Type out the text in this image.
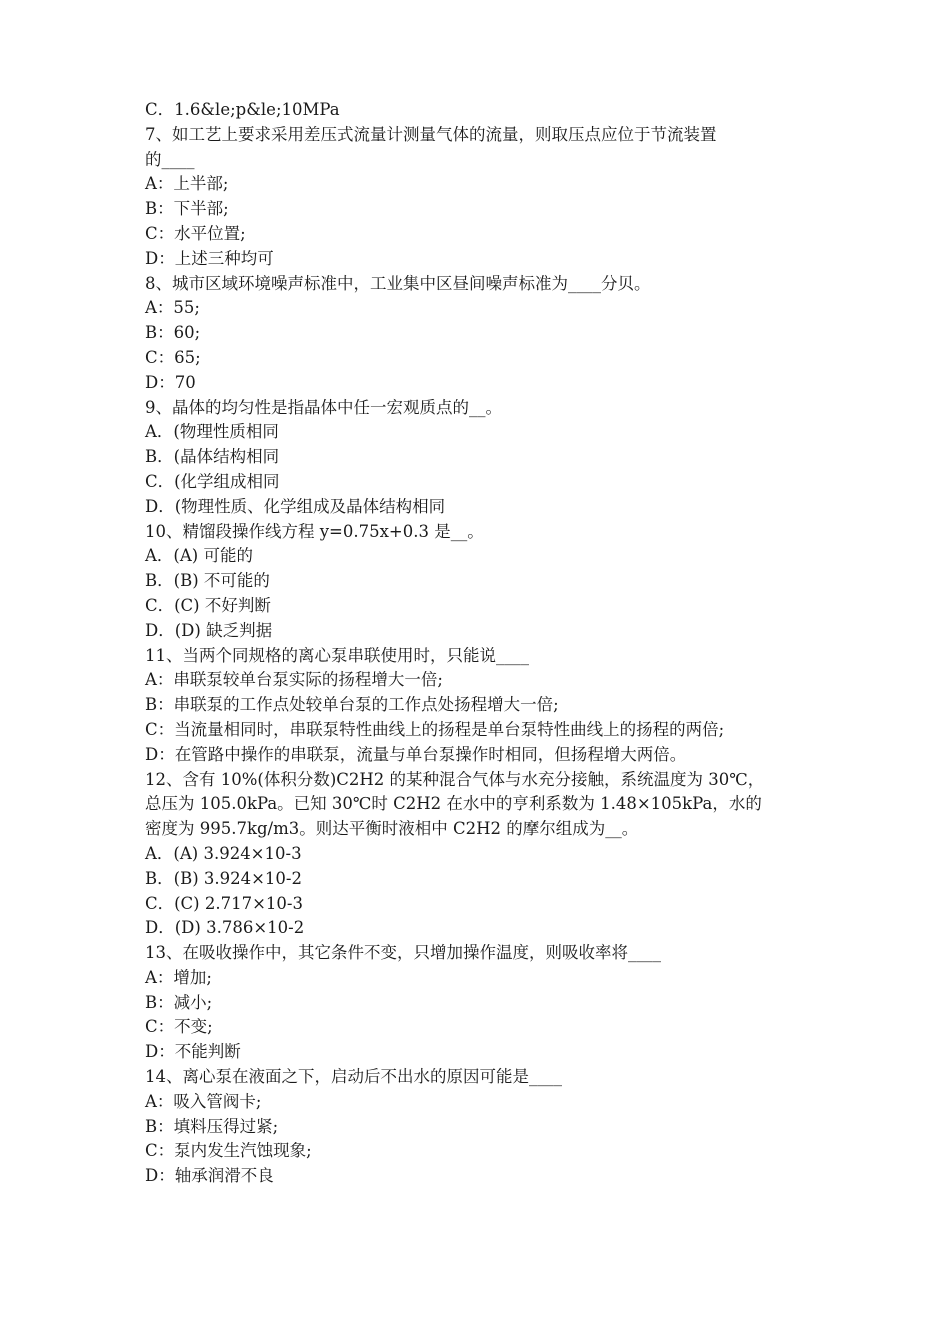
C．1.6&le;p&le;10MPa
7、如工艺上要求采用差压式流量计测量气体的流量，则取压点应位于节流装置
的____
A：上半部;
B：下半部;
C：水平位置;
D：上述三种均可
8、城市区域环境噪声标准中，工业集中区昼间噪声标准为____分贝。
A：55;
B：60;
C：65;
D：70
9、晶体的均匀性是指晶体中任一宏观质点的__。
A．(物理性质相同
B．(晶体结构相同
C．(化学组成相同
D．(物理性质、化学组成及晶体结构相同
10、精馏段操作线方程 y=0.75x+0.3 是__。
A．(A) 可能的
B．(B) 不可能的
C．(C) 不好判断
D．(D) 缺乏判据
11、当两个同规格的离心泵串联使用时，只能说____
A：串联泵较单台泵实际的扬程增大一倍;
B：串联泵的工作点处较单台泵的工作点处扬程增大一倍;
C：当流量相同时，串联泵特性曲线上的扬程是单台泵特性曲线上的扬程的两倍;
D：在管路中操作的串联泵，流量与单台泵操作时相同，但扬程增大两倍。
12、含有 10%(体积分数)C2H2 的某种混合气体与水充分接触，系统温度为 30℃，
总压为 105.0kPa。已知 30℃时 C2H2 在水中的亨利系数为 1.48×105kPa，水的
密度为 995.7kg/m3。则达平衡时液相中 C2H2 的摩尔组成为__。
A．(A) 3.924×10-3
B．(B) 3.924×10-2
C．(C) 2.717×10-3
D．(D) 3.786×10-2
13、在吸收操作中，其它条件不变，只增加操作温度，则吸收率将____
A：增加;
B：减小;
C：不变;
D：不能判断
14、离心泵在液面之下，启动后不出水的原因可能是____
A：吸入管阀卡;
B：填料压得过紧;
C：泵内发生汽蚀现象;
D：轴承润滑不良
